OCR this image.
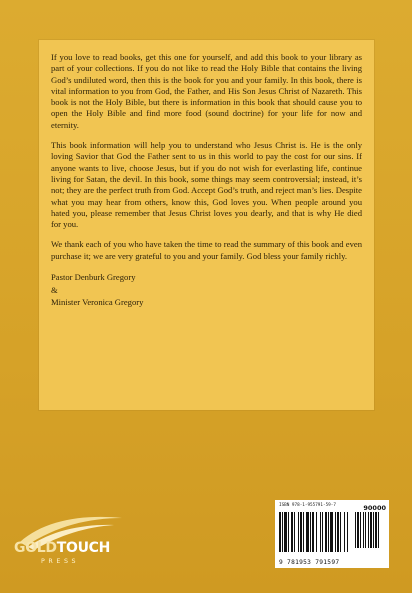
If you love to read books, get this one for yourself, and add this book to your library as part of your collections. If you do not like to read the Holy Bible that contains the living God’s undiluted word, then this is the book for you and your family. In this book, there is vital information to you from God, the Father, and His Son Jesus Christ of Nazareth. This book is not the Holy Bible, but there is information in this book that should cause you to open the Holy Bible and find more food (sound doctrine) for your life for now and eternity.

This book information will help you to understand who Jesus Christ is. He is the only loving Savior that God the Father sent to us in this world to pay the cost for our sins. If anyone wants to live, choose Jesus, but if you do not wish for everlasting life, continue living for Satan, the devil. In this book, some things may seem controversial; instead, it’s not; they are the perfect truth from God. Accept God’s truth, and reject man’s lies. Despite what you may hear from others, know this, God loves you. When people around you hated you, please remember that Jesus Christ loves you dearly, and that is why He died for you.

We thank each of you who have taken the time to read the summary of this book and even purchase it; we are very grateful to you and your family. God bless your family richly.

Pastor Denburk Gregory

&

Minister Veronica Gregory

GOLDTOUCH
PRESS
ISBN 978-1-955791-59-7	90000
9 781953 791597
